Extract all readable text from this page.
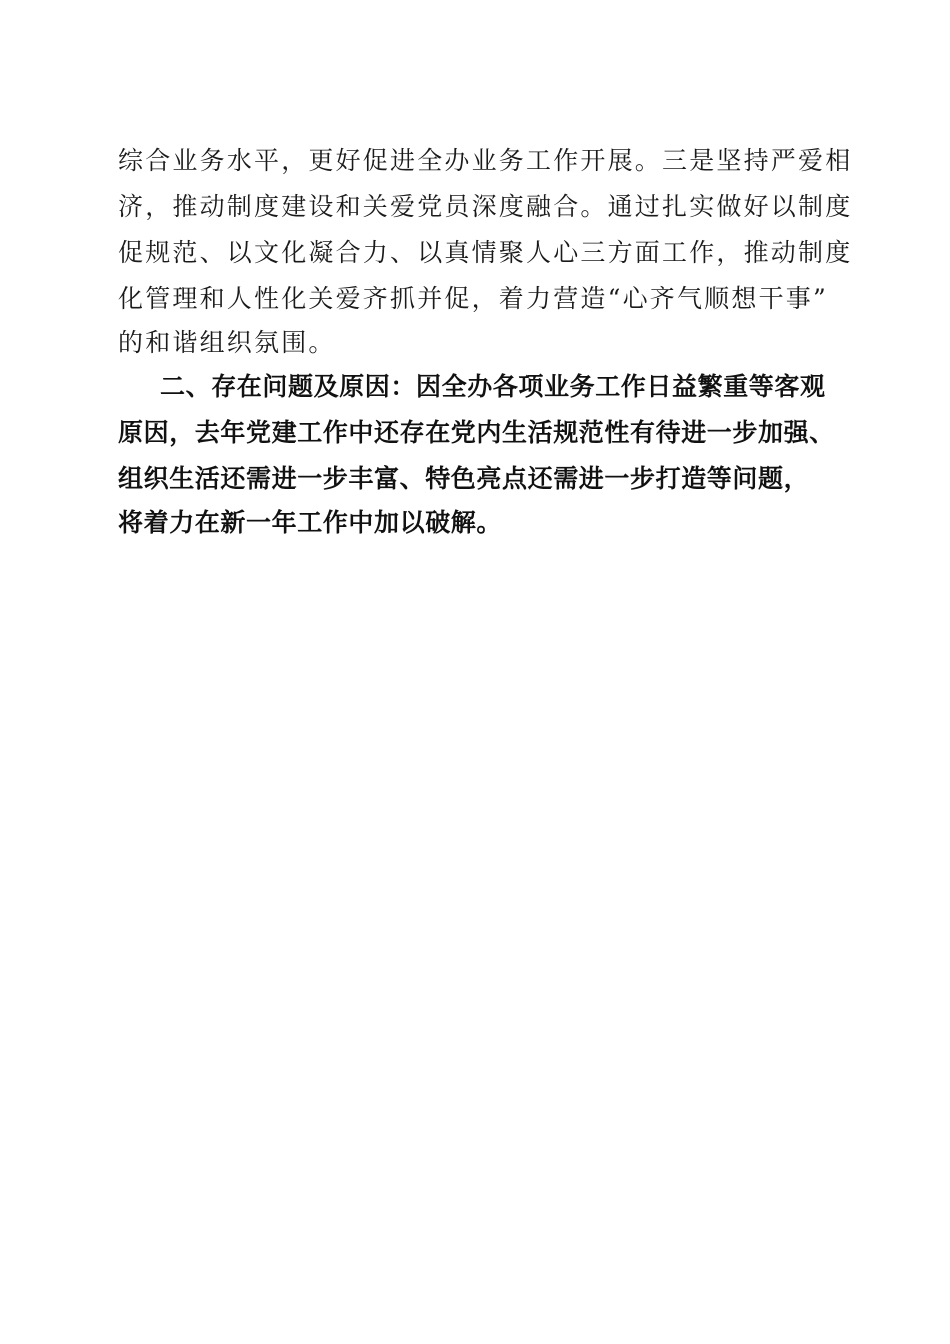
综合业务水平，更好促进全办业务工作开展。三是坚持严爱相
济，推动制度建设和关爱党员深度融合。通过扎实做好以制度
促规范、以文化凝合力、以真情聚人心三方面工作，推动制度
化管理和人性化关爱齐抓并促，着力营造“心齐气顺想干事”
的和谐组织氛围。
二、存在问题及原因：因全办各项业务工作日益繁重等客观
原因，去年党建工作中还存在党内生活规范性有待进一步加强、
组织生活还需进一步丰富、特色亮点还需进一步打造等问题，
将着力在新一年工作中加以破解。
